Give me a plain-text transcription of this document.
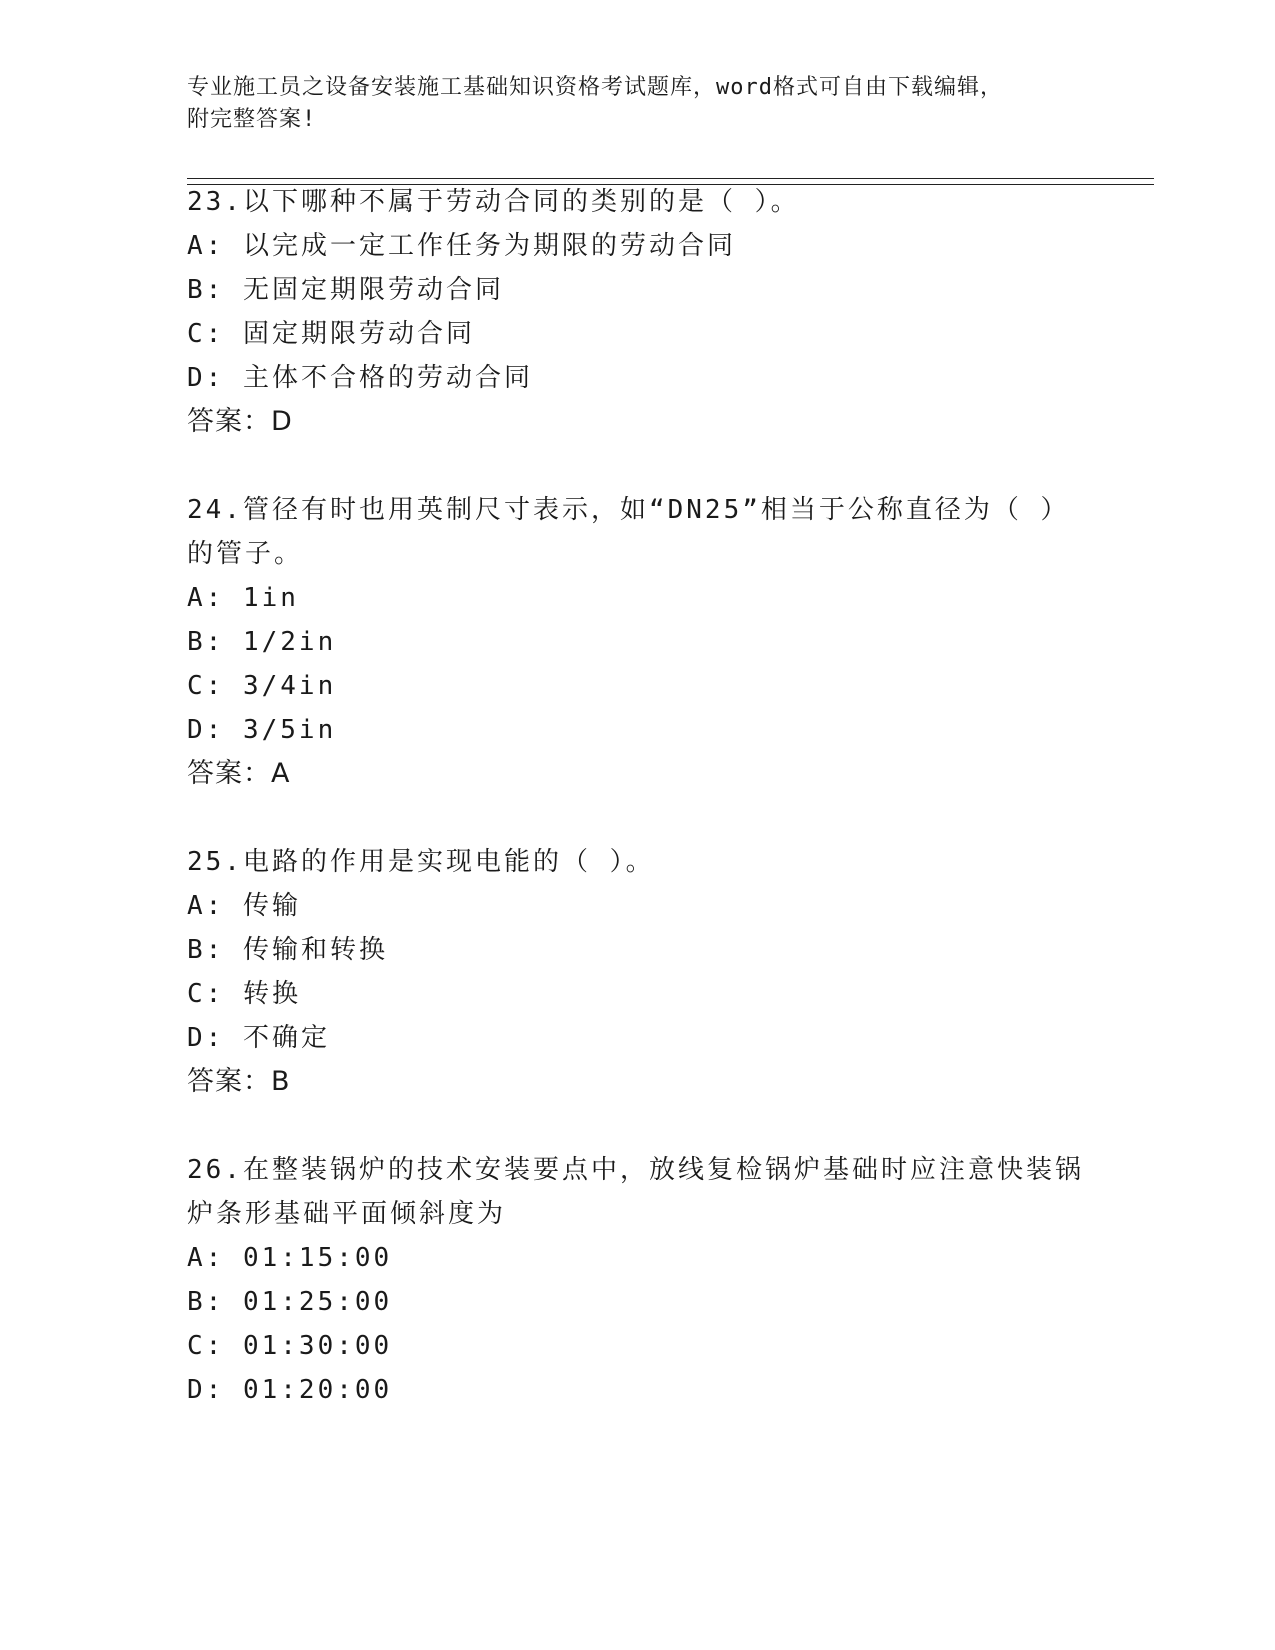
专业施工员之设备安装施工基础知识资格考试题库，word格式可自由下载编辑，
附完整答案!
23.以下哪种不属于劳动合同的类别的是（ ）。
A: 以完成一定工作任务为期限的劳动合同
B: 无固定期限劳动合同
C: 固定期限劳动合同
D: 主体不合格的劳动合同
答案：D
24.管径有时也用英制尺寸表示，如“DN25”相当于公称直径为（ ）
的管子。
A: 1in
B: 1/2in
C: 3/4in
D: 3/5in
答案：A
25.电路的作用是实现电能的（ ）。
A: 传输
B: 传输和转换
C: 转换
D: 不确定
答案：B
26.在整装锅炉的技术安装要点中，放线复检锅炉基础时应注意快装锅
炉条形基础平面倾斜度为
A: 01:15:00
B: 01:25:00
C: 01:30:00
D: 01:20:00
